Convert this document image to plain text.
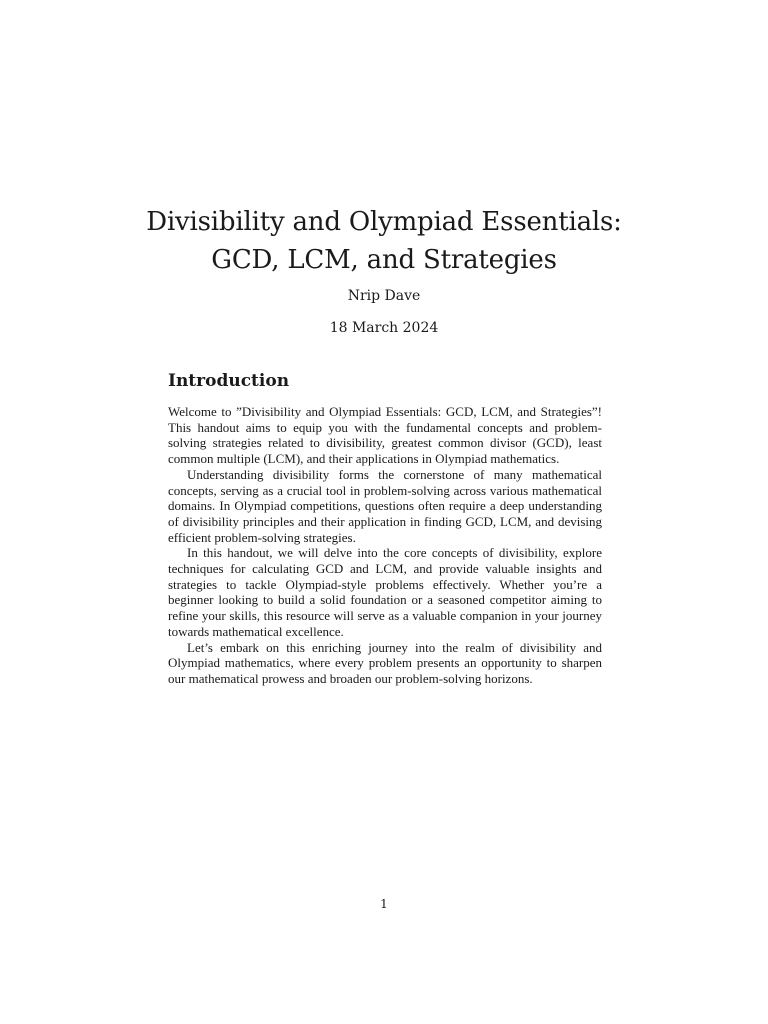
Divisibility and Olympiad Essentials:
GCD, LCM, and Strategies
Nrip Dave
18 March 2024
Introduction

Welcome to ”Divisibility and Olympiad Essentials: GCD, LCM, and Strategies”! This handout aims to equip you with the fundamental concepts and problem-solving strategies related to divisibility, greatest common divisor (GCD), least common multiple (LCM), and their applications in Olympiad mathematics.

Understanding divisibility forms the cornerstone of many mathematical concepts, serving as a crucial tool in problem-solving across various mathematical domains. In Olympiad competitions, questions often require a deep understanding of divisibility principles and their application in finding GCD, LCM, and devising efficient problem-solving strategies.

In this handout, we will delve into the core concepts of divisibility, explore techniques for calculating GCD and LCM, and provide valuable insights and strategies to tackle Olympiad-style problems effectively. Whether you’re a beginner looking to build a solid foundation or a seasoned competitor aiming to refine your skills, this resource will serve as a valuable companion in your journey towards mathematical excellence.

Let’s embark on this enriching journey into the realm of divisibility and Olympiad mathematics, where every problem presents an opportunity to sharpen our mathematical prowess and broaden our problem-solving horizons.

1
